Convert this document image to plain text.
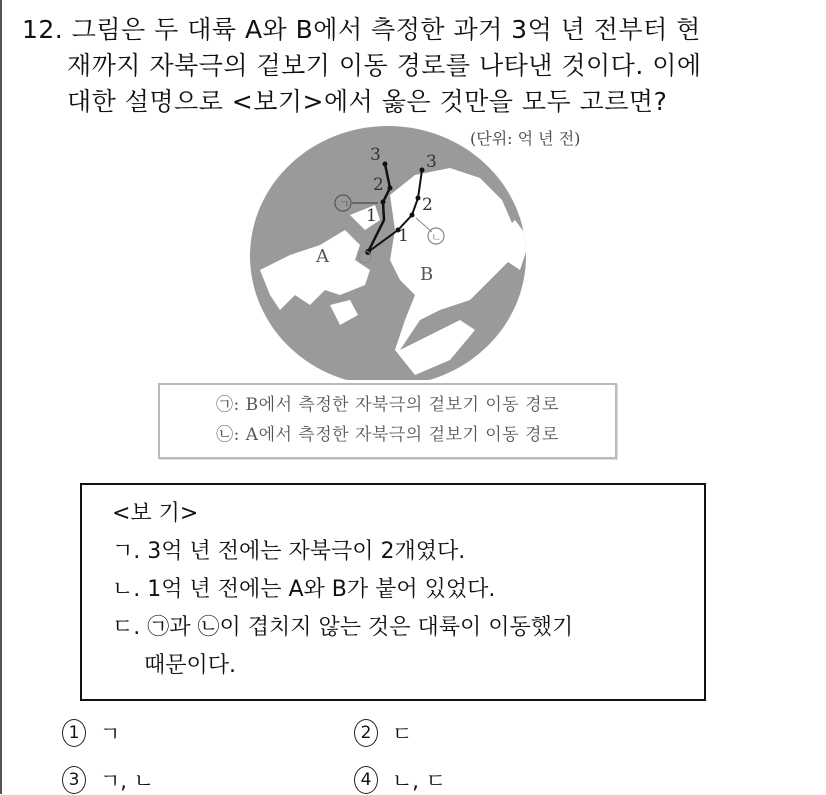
12. 그림은 두 대륙 A와 B에서 측정한 과거 3억 년 전부터 현
재까지 자북극의 겉보기 이동 경로를 나타낸 것이다. 이에
대한 설명으로 <보기>에서 옳은 것만을 모두 고르면?
3	3
2
2
1
1
ㄱ
ㄴ
A
B
(단위: 억 년 전)
㉠: B에서 측정한 자북극의 겉보기 이동 경로
㉡: A에서 측정한 자북극의 겉보기 이동 경로
<보 기>
ㄱ. 3억 년 전에는 자북극이 2개였다.
ㄴ. 1억 년 전에는 A와 B가 붙어 있었다.
ㄷ. ㉠과 ㉡이 겹치지 않는 것은 대륙이 이동했기
때문이다.
1 ㄱ	2 ㄷ
3 ㄱ, ㄴ	4 ㄴ, ㄷ
